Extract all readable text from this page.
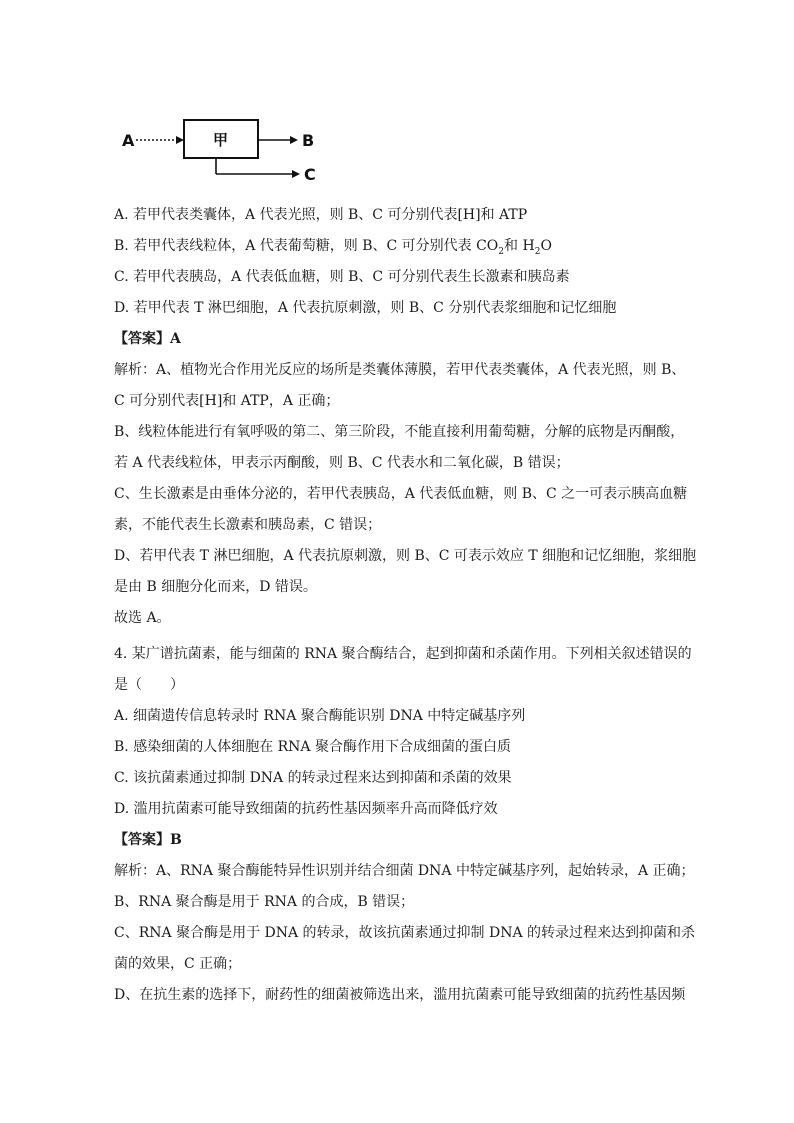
A	甲	B
C
A. 若甲代表类囊体，A 代表光照，则 B、C 可分别代表[H]和 ATP
B. 若甲代表线粒体，A 代表葡萄糖，则 B、C 可分别代表 $CO_2$和 $H_2O$
C. 若甲代表胰岛，A 代表低血糖，则 B、C 可分别代表生长激素和胰岛素
D. 若甲代表 T 淋巴细胞，A 代表抗原刺激，则 B、C 分别代表浆细胞和记忆细胞
【答案】A
解析：A、植物光合作用光反应的场所是类囊体薄膜，若甲代表类囊体，A 代表光照，则 B、
C 可分别代表[H]和 ATP，A 正确；
B、线粒体能进行有氧呼吸的第二、第三阶段，不能直接利用葡萄糖，分解的底物是丙酮酸，
若 A 代表线粒体，甲表示丙酮酸，则 B、C 代表水和二氧化碳，B 错误；
C、生长激素是由垂体分泌的，若甲代表胰岛，A 代表低血糖，则 B、C 之一可表示胰高血糖
素，不能代表生长激素和胰岛素，C 错误；
D、若甲代表 T 淋巴细胞，A 代表抗原刺激，则 B、C 可表示效应 T 细胞和记忆细胞，浆细胞
是由 B 细胞分化而来，D 错误。
故选 A。
4. 某广谱抗菌素，能与细菌的 RNA 聚合酶结合，起到抑菌和杀菌作用。下列相关叙述错误的
是（　　）
A. 细菌遗传信息转录时 RNA 聚合酶能识别 DNA 中特定碱基序列
B. 感染细菌的人体细胞在 RNA 聚合酶作用下合成细菌的蛋白质
C. 该抗菌素通过抑制 DNA 的转录过程来达到抑菌和杀菌的效果
D. 滥用抗菌素可能导致细菌的抗药性基因频率升高而降低疗效
【答案】B
解析：A、RNA 聚合酶能特异性识别并结合细菌 DNA 中特定碱基序列，起始转录，A 正确；
B、RNA 聚合酶是用于 RNA 的合成，B 错误；
C、RNA 聚合酶是用于 DNA 的转录，故该抗菌素通过抑制 DNA 的转录过程来达到抑菌和杀
菌的效果，C 正确；
D、在抗生素的选择下，耐药性的细菌被筛选出来，滥用抗菌素可能导致细菌的抗药性基因频
